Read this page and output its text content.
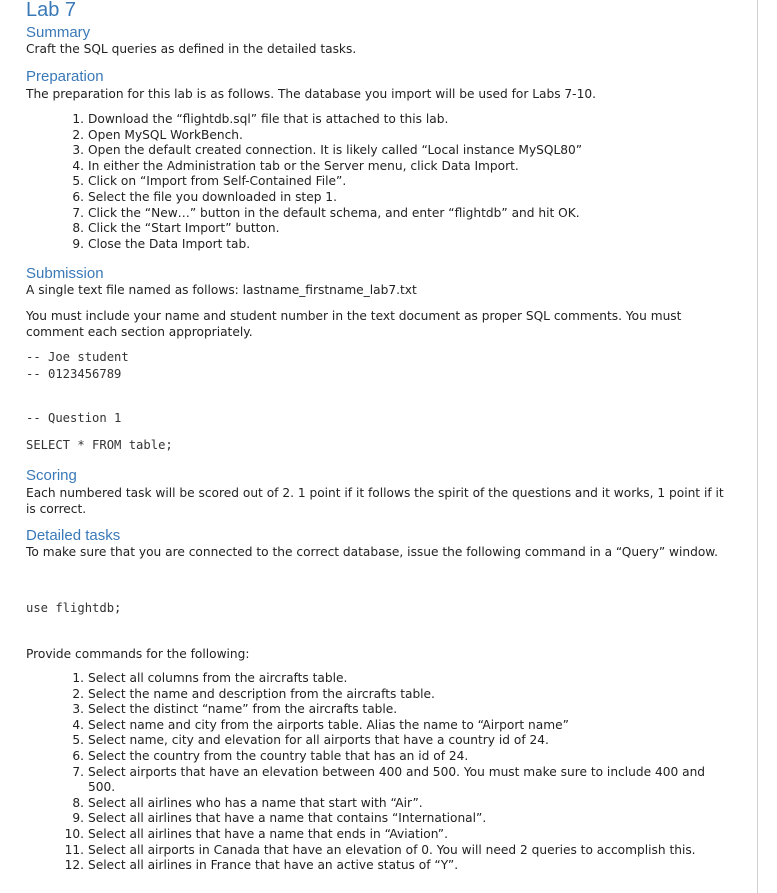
Lab 7
Summary

Craft the SQL queries as defined in the detailed tasks.

Preparation

The preparation for this lab is as follows. The database you import will be used for Labs 7-10.

1. Download the “flightdb.sql” file that is attached to this lab.
2. Open MySQL WorkBench.
3. Open the default created connection. It is likely called “Local instance MySQL80”
4. In either the Administration tab or the Server menu, click Data Import.
5. Click on “Import from Self-Contained File”.
6. Select the file you downloaded in step 1.
7. Click the “New…” button in the default schema, and enter “flightdb” and hit OK.
8. Click the “Start Import” button.
9. Close the Data Import tab.
Submission

A single text file named as follows: lastname_firstname_lab7.txt

You must include your name and student number in the text document as proper SQL comments. You must comment each section appropriately.

-- Joe student
-- 0123456789
-- Question 1
SELECT * FROM table;
Scoring

Each numbered task will be scored out of 2. 1 point if it follows the spirit of the questions and it works, 1 point if it is correct.

Detailed tasks

To make sure that you are connected to the correct database, issue the following command in a “Query” window.

use flightdb;

Provide commands for the following:

1. Select all columns from the aircrafts table.
2. Select the name and description from the aircrafts table.
3. Select the distinct “name” from the aircrafts table.
4. Select name and city from the airports table. Alias the name to “Airport name”
5. Select name, city and elevation for all airports that have a country id of 24.
6. Select the country from the country table that has an id of 24.
7. Select airports that have an elevation between 400 and 500. You must make sure to include 400 and 500.
8. Select all airlines who has a name that start with “Air”.
9. Select all airlines that have a name that contains “International”.
10. Select all airlines that have a name that ends in “Aviation”.
11. Select all airports in Canada that have an elevation of 0. You will need 2 queries to accomplish this.
12. Select all airlines in France that have an active status of “Y”.
